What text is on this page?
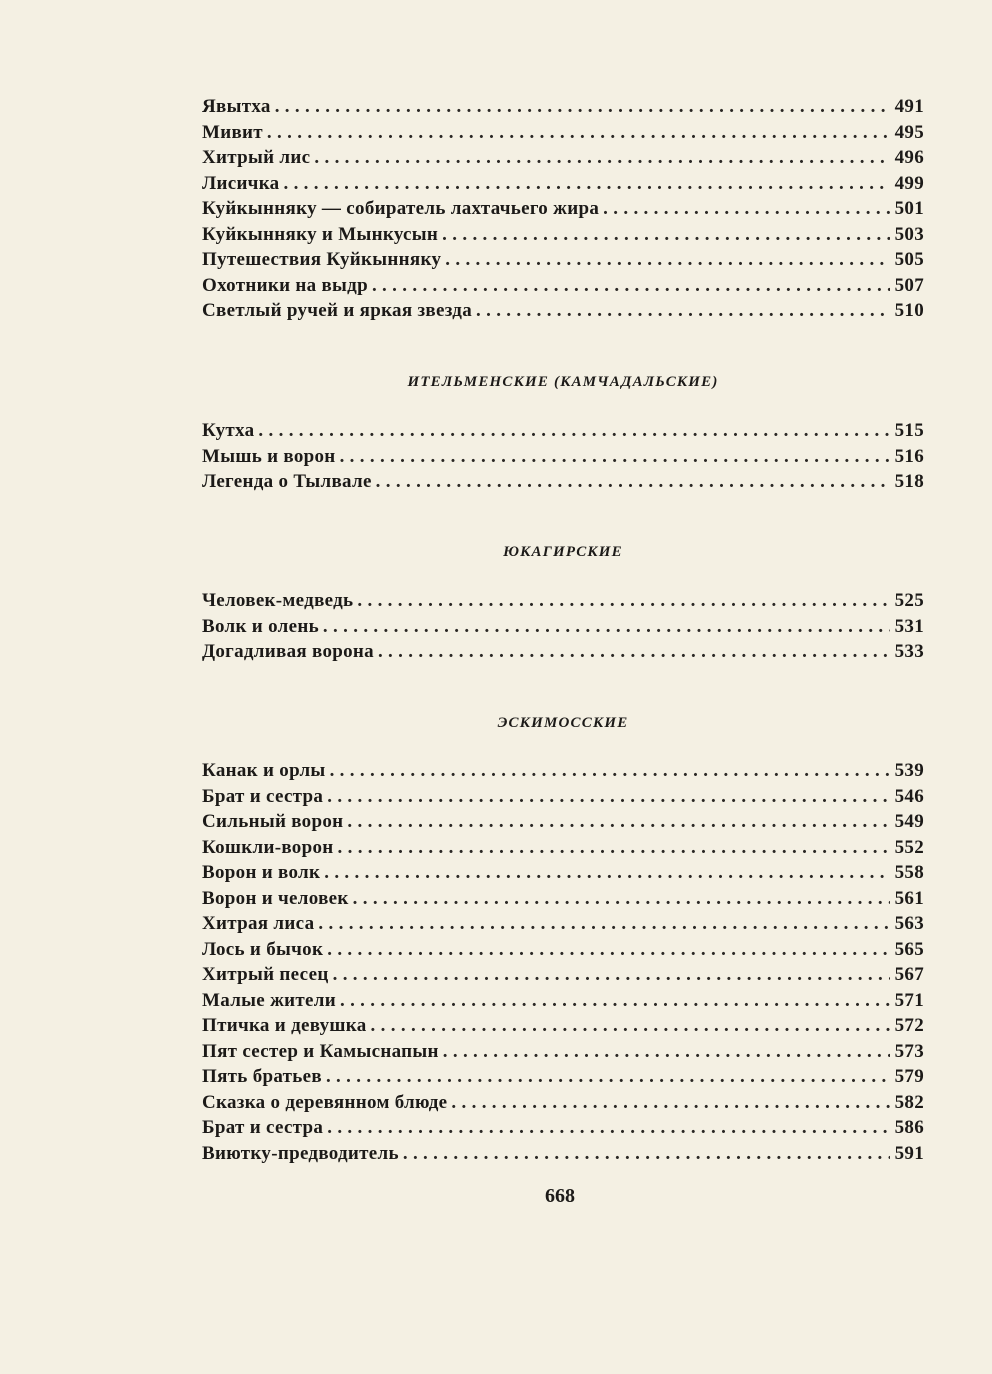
Явытха . . .	491
Мивит . . .	495
Хитрый лис . . .	496
Лисичка . . .	499
Куйкынняку — собиратель лахтачьего жира . . .	501
Куйкынняку и Мынкусын . . .	503
Путешествия Куйкынняку . . .	505
Охотники на выдр . . .	507
Светлый ручей и яркая звезда . . .	510
ИТЕЛЬМЕНСКИЕ (КАМЧАДАЛЬСКИЕ)
Кутха . . .	515
Мышь и ворон . . .	516
Легенда о Тылвале . . .	518
ЮКАГИРСКИЕ
Человек-медведь . . .	525
Волк и олень . . .	531
Догадливая ворона . . .	533
ЭСКИМОССКИЕ
Канак и орлы . . .	539
Брат и сестра . . .	546
Сильный ворон . . .	549
Кошкли-ворон . . .	552
Ворон и волк . . .	558
Ворон и человек . . .	561
Хитрая лиса . . .	563
Лось и бычок . . .	565
Хитрый песец . . .	567
Малые жители . . .	571
Птичка и девушка . . .	572
Пят сестер и Камыснапын . . .	573
Пять братьев . . .	579
Сказка о деревянном блюде . . .	582
Брат и сестра . . .	586
Виютку-предводитель . . .	591
668
